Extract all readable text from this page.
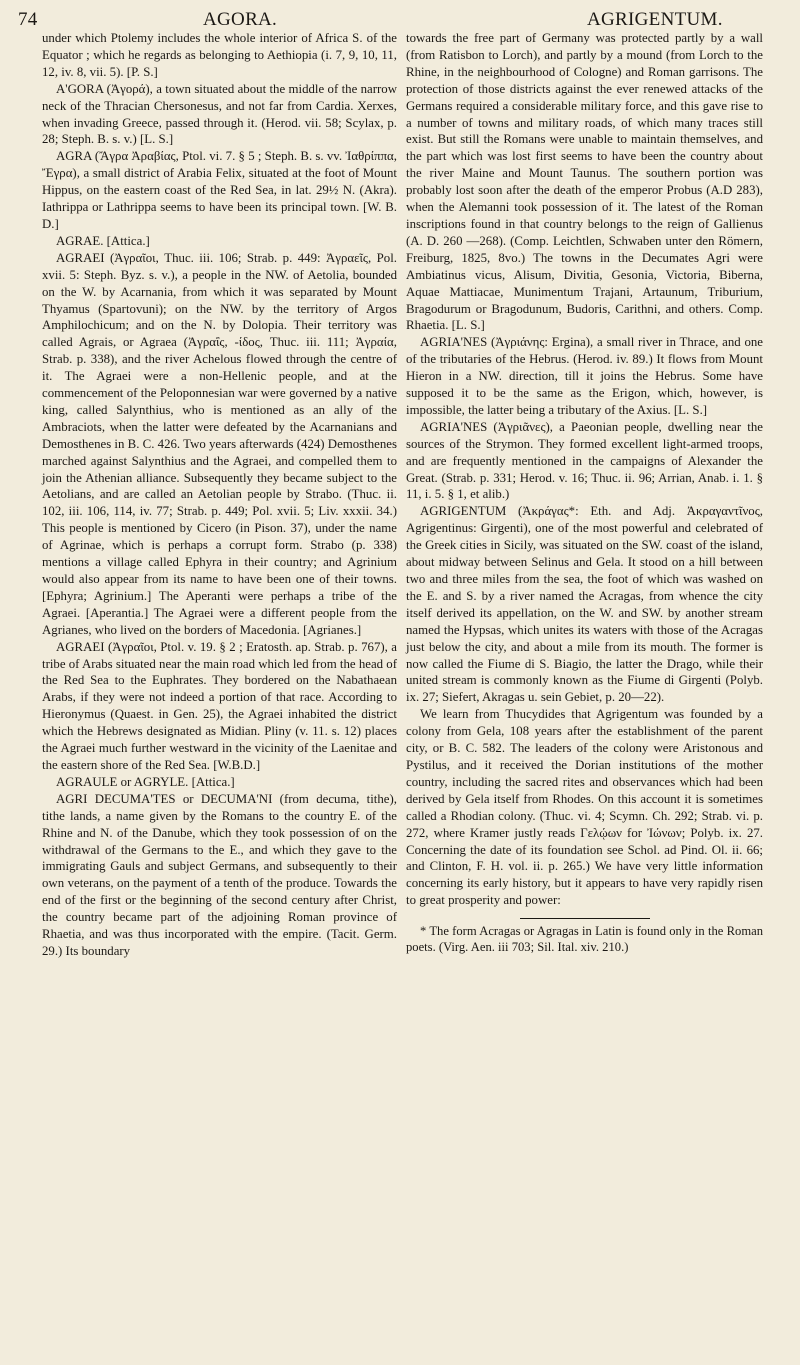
74	AGORA.	AGRIGENTUM.

under which Ptolemy includes the whole interior of Africa S. of the Equator ; which he regards as belonging to Aethiopia (i. 7, 9, 10, 11, 12, iv. 8, vii. 5). [P. S.]

A'GORA (Ἀγορά), a town situated about the middle of the narrow neck of the Thracian Chersonesus, and not far from Cardia. Xerxes, when invading Greece, passed through it. (Herod. vii. 58; Scylax, p. 28; Steph. B. s. v.) [L. S.]

AGRA (Ἄγρα Ἀραβίας, Ptol. vi. 7. § 5 ; Steph. B. s. vv. Ἰαθρίππα, Ἔγρα), a small district of Arabia Felix, situated at the foot of Mount Hippus, on the eastern coast of the Red Sea, in lat. 29½ N. (Akra). Iathrippa or Lathrippa seems to have been its principal town. [W. B. D.]

AGRAE. [Attica.]

AGRAEI (Ἀγραῖοι, Thuc. iii. 106; Strab. p. 449: Ἀγραεῖς, Pol. xvii. 5: Steph. Byz. s. v.), a people in the NW. of Aetolia, bounded on the W. by Acarnania, from which it was separated by Mount Thyamus (Spartovuni); on the NW. by the territory of Argos Amphilochicum; and on the N. by Dolopia. Their territory was called Agrais, or Agraea (Ἀγραΐς, -ίδος, Thuc. iii. 111; Ἀγραία, Strab. p. 338), and the river Achelous flowed through the centre of it. The Agraei were a non-Hellenic people, and at the commencement of the Peloponnesian war were governed by a native king, called Salynthius, who is mentioned as an ally of the Ambraciots, when the latter were defeated by the Acarnanians and Demosthenes in B. C. 426. Two years afterwards (424) Demosthenes marched against Salynthius and the Agraei, and compelled them to join the Athenian alliance. Subsequently they became subject to the Aetolians, and are called an Aetolian people by Strabo. (Thuc. ii. 102, iii. 106, 114, iv. 77; Strab. p. 449; Pol. xvii. 5; Liv. xxxii. 34.) This people is mentioned by Cicero (in Pison. 37), under the name of Agrinae, which is perhaps a corrupt form. Strabo (p. 338) mentions a village called Ephyra in their country; and Agrinium would also appear from its name to have been one of their towns. [Ephyra; Agrinium.] The Aperanti were perhaps a tribe of the Agraei. [Aperantia.] The Agraei were a different people from the Agrianes, who lived on the borders of Macedonia. [Agrianes.]

AGRAEI (Ἀγραῖοι, Ptol. v. 19. § 2 ; Eratosth. ap. Strab. p. 767), a tribe of Arabs situated near the main road which led from the head of the Red Sea to the Euphrates. They bordered on the Nabathaean Arabs, if they were not indeed a portion of that race. According to Hieronymus (Quaest. in Gen. 25), the Agraei inhabited the district which the Hebrews designated as Midian. Pliny (v. 11. s. 12) places the Agraei much further westward in the vicinity of the Laenitae and the eastern shore of the Red Sea. [W.B.D.]

AGRAULE or AGRYLE. [Attica.]

AGRI DECUMA'TES or DECUMA'NI (from decuma, tithe), tithe lands, a name given by the Romans to the country E. of the Rhine and N. of the Danube, which they took possession of on the withdrawal of the Germans to the E., and which they gave to the immigrating Gauls and subject Germans, and subsequently to their own veterans, on the payment of a tenth of the produce. Towards the end of the first or the beginning of the second century after Christ, the country became part of the adjoining Roman province of Rhaetia, and was thus incorporated with the empire. (Tacit. Germ. 29.) Its boundary

towards the free part of Germany was protected partly by a wall (from Ratisbon to Lorch), and partly by a mound (from Lorch to the Rhine, in the neighbourhood of Cologne) and Roman garrisons. The protection of those districts against the ever renewed attacks of the Germans required a considerable military force, and this gave rise to a number of towns and military roads, of which many traces still exist. But still the Romans were unable to maintain themselves, and the part which was lost first seems to have been the country about the river Maine and Mount Taunus. The southern portion was probably lost soon after the death of the emperor Probus (A.D 283), when the Alemanni took possession of it. The latest of the Roman inscriptions found in that country belongs to the reign of Gallienus (A. D. 260 —268). (Comp. Leichtlen, Schwaben unter den Römern, Freiburg, 1825, 8vo.) The towns in the Decumates Agri were Ambiatinus vicus, Alisum, Divitia, Gesonia, Victoria, Biberna, Aquae Mattiacae, Munimentum Trajani, Artaunum, Triburium, Bragodurum or Bragodunum, Budoris, Carithni, and others. Comp. Rhaetia. [L. S.]

AGRIA'NES (Ἀγριάνης: Ergina), a small river in Thrace, and one of the tributaries of the Hebrus. (Herod. iv. 89.) It flows from Mount Hieron in a NW. direction, till it joins the Hebrus. Some have supposed it to be the same as the Erigon, which, however, is impossible, the latter being a tributary of the Axius. [L. S.]

AGRIA'NES (Ἀγριᾶνες), a Paeonian people, dwelling near the sources of the Strymon. They formed excellent light-armed troops, and are frequently mentioned in the campaigns of Alexander the Great. (Strab. p. 331; Herod. v. 16; Thuc. ii. 96; Arrian, Anab. i. 1. § 11, i. 5. § 1, et alib.)

AGRIGENTUM (Ἀκράγας*: Eth. and Adj. Ἀκραγαντῖνος, Agrigentinus: Girgenti), one of the most powerful and celebrated of the Greek cities in Sicily, was situated on the SW. coast of the island, about midway between Selinus and Gela. It stood on a hill between two and three miles from the sea, the foot of which was washed on the E. and S. by a river named the Acragas, from whence the city itself derived its appellation, on the W. and SW. by another stream named the Hypsas, which unites its waters with those of the Acragas just below the city, and about a mile from its mouth. The former is now called the Fiume di S. Biagio, the latter the Drago, while their united stream is commonly known as the Fiume di Girgenti (Polyb. ix. 27; Siefert, Akragas u. sein Gebiet, p. 20—22).

We learn from Thucydides that Agrigentum was founded by a colony from Gela, 108 years after the establishment of the parent city, or B. C. 582. The leaders of the colony were Aristonous and Pystilus, and it received the Dorian institutions of the mother country, including the sacred rites and observances which had been derived by Gela itself from Rhodes. On this account it is sometimes called a Rhodian colony. (Thuc. vi. 4; Scymn. Ch. 292; Strab. vi. p. 272, where Kramer justly reads Γελῴων for Ἰώνων; Polyb. ix. 27. Concerning the date of its foundation see Schol. ad Pind. Ol. ii. 66; and Clinton, F. H. vol. ii. p. 265.) We have very little information concerning its early history, but it appears to have very rapidly risen to great prosperity and power:

* The form Acragas or Agragas in Latin is found only in the Roman poets. (Virg. Aen. iii 703; Sil. Ital. xiv. 210.)
